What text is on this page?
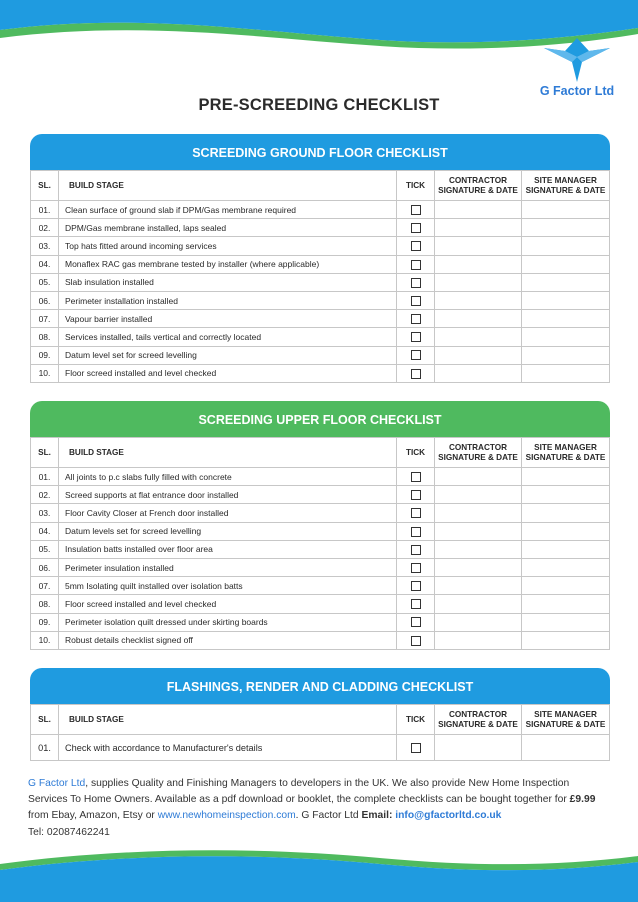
G Factor Ltd
PRE-SCREEDING CHECKLIST
SCREEDING GROUND FLOOR CHECKLIST
SL.	BUILD STAGE	TICK	CONTRACTOR SIGNATURE & DATE	SITE MANAGER SIGNATURE & DATE
01.	Clean surface of ground slab if DPM/Gas membrane required			
02.	DPM/Gas membrane installed, laps sealed			
03.	Top hats fitted around incoming services			
04.	Monaflex RAC gas membrane tested by installer (where applicable)			
05.	Slab insulation installed			
06.	Perimeter installation installed			
07.	Vapour barrier installed			
08.	Services installed, tails vertical and correctly located			
09.	Datum level set for screed levelling			
10.	Floor screed installed and level checked			
SCREEDING UPPER FLOOR CHECKLIST
SL.	BUILD STAGE	TICK	CONTRACTOR SIGNATURE & DATE	SITE MANAGER SIGNATURE & DATE
01.	All joints to p.c slabs fully filled with concrete			
02.	Screed supports at flat entrance door installed			
03.	Floor Cavity Closer at French door installed			
04.	Datum levels set for screed levelling			
05.	Insulation batts installed over floor area			
06.	Perimeter insulation installed			
07.	5mm Isolating quilt installed over isolation batts			
08.	Floor screed installed and level checked			
09.	Perimeter isolation quilt dressed under skirting boards			
10.	Robust details checklist signed off			
FLASHINGS, RENDER AND CLADDING CHECKLIST
SL.	BUILD STAGE	TICK	CONTRACTOR SIGNATURE & DATE	SITE MANAGER SIGNATURE & DATE
01.	Check with accordance to Manufacturer's details			
G Factor Ltd, supplies Quality and Finishing Managers to developers in the UK. We also provide New Home Inspection Services To Home Owners. Available as a pdf download or booklet, the complete checklists can be bought together for £9.99 from Ebay, Amazon, Etsy or www.newhomeinspection.com. G Factor Ltd Email: info@gfactorltd.co.uk
Tel: 02087462241
